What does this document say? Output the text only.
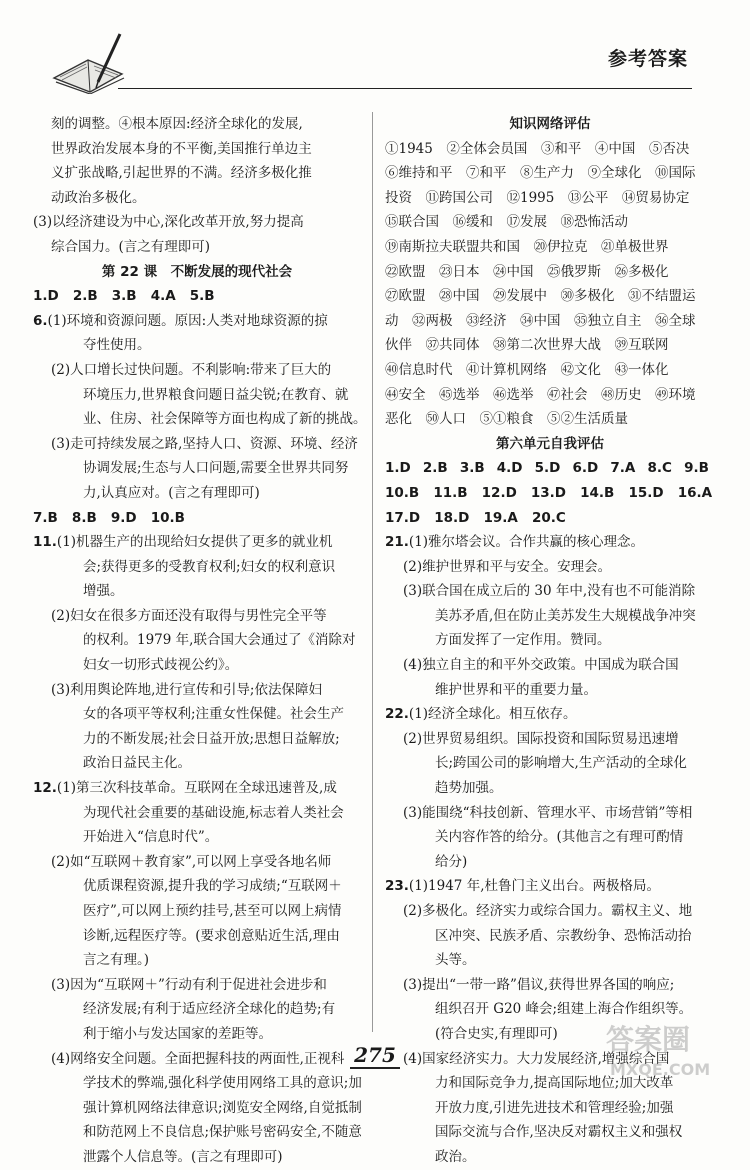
参考答案
刻的调整。④根本原因:经济全球化的发展,
世界政治发展本身的不平衡,美国推行单边主
义扩张战略,引起世界的不满。经济多极化推
动政治多极化。
(3)以经济建设为中心,深化改革开放,努力提高
综合国力。(言之有理即可)
第 22 课　不断发展的现代社会
1.D 2.B 3.B 4.A 5.B
6.(1)环境和资源问题。原因:人类对地球资源的掠
夺性使用。
(2)人口增长过快问题。不利影响:带来了巨大的
环境压力,世界粮食问题日益尖锐;在教育、就
业、住房、社会保障等方面也构成了新的挑战。
(3)走可持续发展之路,坚持人口、资源、环境、经济
协调发展;生态与人口问题,需要全世界共同努
力,认真应对。(言之有理即可)
7.B 8.B 9.D 10.B
11.(1)机器生产的出现给妇女提供了更多的就业机
会;获得更多的受教育权利;妇女的权利意识
增强。
(2)妇女在很多方面还没有取得与男性完全平等
的权利。1979 年,联合国大会通过了《消除对
妇女一切形式歧视公约》。
(3)利用舆论阵地,进行宣传和引导;依法保障妇
女的各项平等权利;注重女性保健。社会生产
力的不断发展;社会日益开放;思想日益解放;
政治日益民主化。
12.(1)第三次科技革命。互联网在全球迅速普及,成
为现代社会重要的基础设施,标志着人类社会
开始进入“信息时代”。
(2)如“互联网＋教育家”,可以网上享受各地名师
优质课程资源,提升我的学习成绩;“互联网＋
医疗”,可以网上预约挂号,甚至可以网上病情
诊断,远程医疗等。(要求创意贴近生活,理由
言之有理。)
(3)因为“互联网＋”行动有利于促进社会进步和
经济发展;有利于适应经济全球化的趋势;有
利于缩小与发达国家的差距等。
(4)网络安全问题。全面把握科技的两面性,正视科
学技术的弊端,强化科学使用网络工具的意识;加
强计算机网络法律意识;浏览安全网络,自觉抵制
和防范网上不良信息;保护账号密码安全,不随意
泄露个人信息等。(言之有理即可)
知识网络评估
①1945　②全体会员国　③和平　④中国　⑤否决
⑥维持和平　⑦和平　⑧生产力　⑨全球化　⑩国际
投资　⑪跨国公司　⑫1995　⑬公平　⑭贸易协定
⑮联合国　⑯缓和　⑰发展　⑱恐怖活动
⑲南斯拉夫联盟共和国　⑳伊拉克　㉑单极世界
㉒欧盟　㉓日本　㉔中国　㉕俄罗斯　㉖多极化
㉗欧盟　㉘中国　㉙发展中　㉚多极化　㉛不结盟运
动　㉜两极　㉝经济　㉞中国　㉟独立自主　㊱全球
伙伴　㊲共同体　㊳第二次世界大战　㊴互联网
㊵信息时代　㊶计算机网络　㊷文化　㊸一体化
㊹安全　㊺选举　㊻选举　㊼社会　㊽历史　㊾环境
恶化　㊿人口　⑤①粮食　⑤②生活质量
第六单元自我评估
1.D 2.B 3.B 4.D 5.D 6.D 7.A 8.C 9.B
10.B 11.B 12.D 13.D 14.B 15.D 16.A
17.D 18.D 19.A 20.C
21.(1)雅尔塔会议。合作共赢的核心理念。
(2)维护世界和平与安全。安理会。
(3)联合国在成立后的 30 年中,没有也不可能消除
美苏矛盾,但在防止美苏发生大规模战争冲突
方面发挥了一定作用。赞同。
(4)独立自主的和平外交政策。中国成为联合国
维护世界和平的重要力量。
22.(1)经济全球化。相互依存。
(2)世界贸易组织。国际投资和国际贸易迅速增
长;跨国公司的影响增大,生产活动的全球化
趋势加强。
(3)能围绕“科技创新、管理水平、市场营销”等相
关内容作答的给分。(其他言之有理可酌情
给分)
23.(1)1947 年,杜鲁门主义出台。两极格局。
(2)多极化。经济实力或综合国力。霸权主义、地
区冲突、民族矛盾、宗教纷争、恐怖活动抬
头等。
(3)提出“一带一路”倡议,获得世界各国的响应;
组织召开 G20 峰会;组建上海合作组织等。
(符合史实,有理即可)
(4)国家经济实力。大力发展经济,增强综合国
力和国际竞争力,提高国际地位;加大改革
开放力度,引进先进技术和管理经验;加强
国际交流与合作,坚决反对霸权主义和强权
政治。
275	答案圈
MXQE.COM
